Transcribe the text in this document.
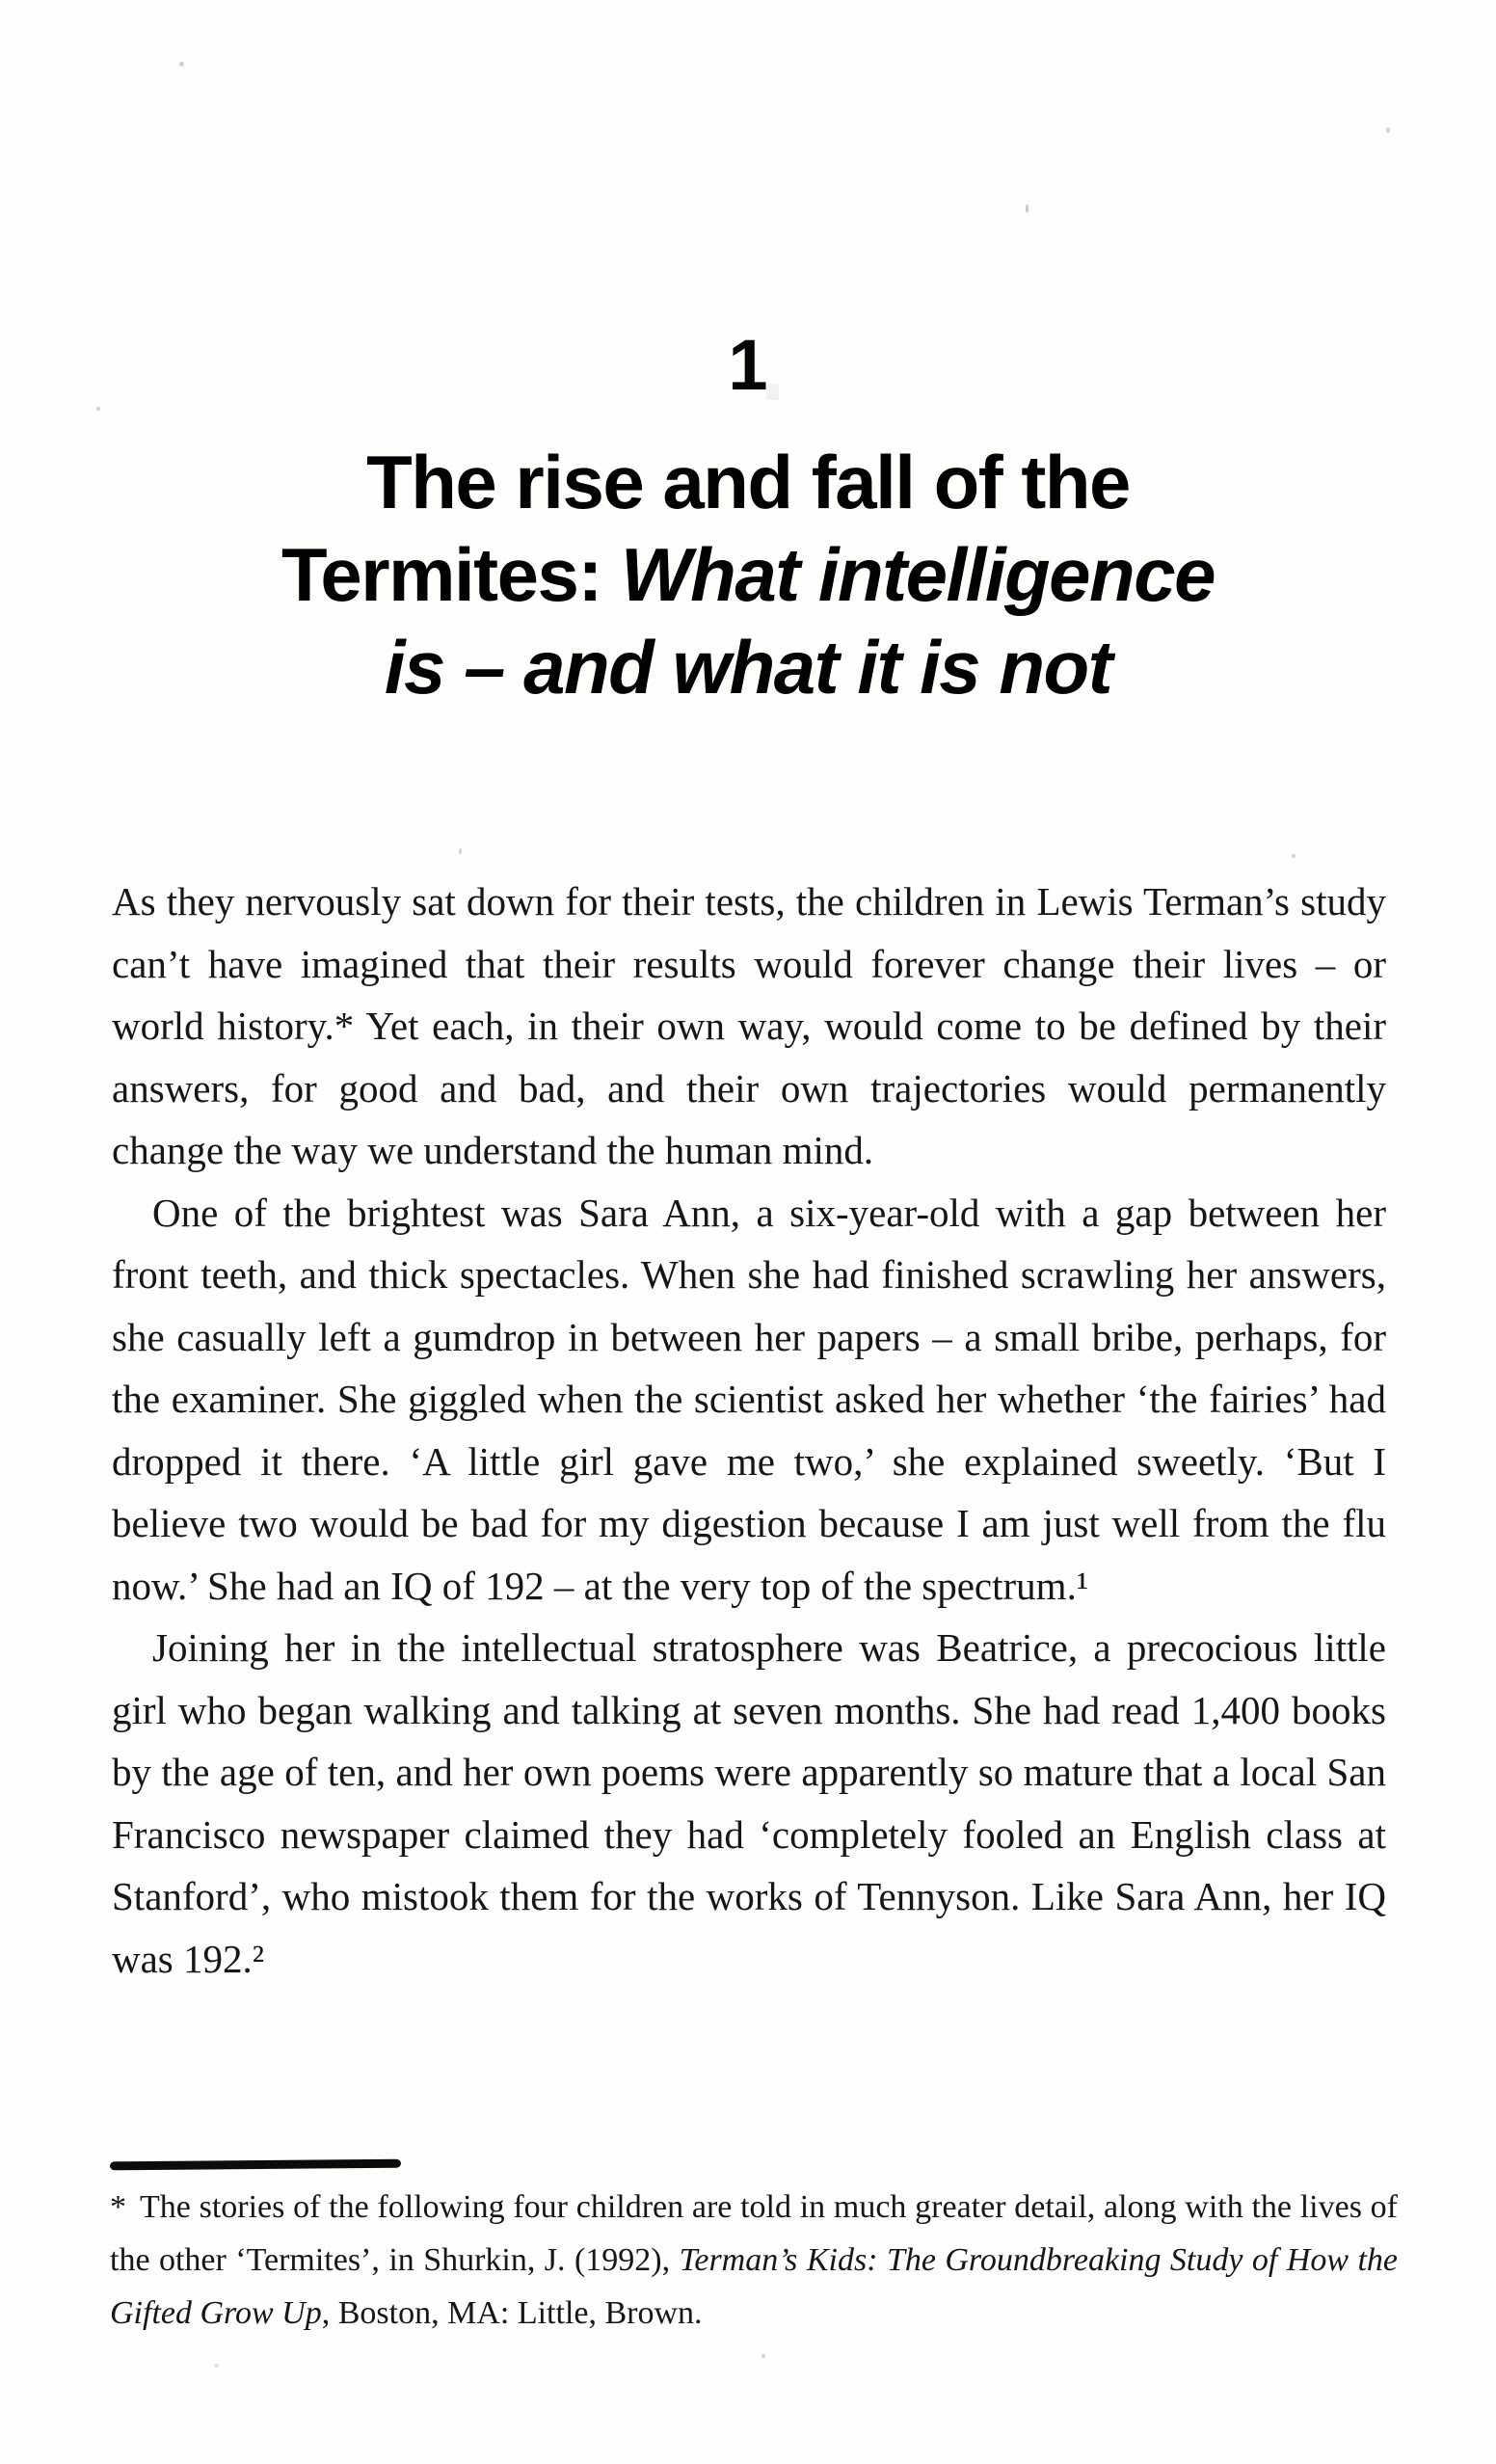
1
The rise and fall of the
Termites: What intelligence
is – and what it is not

As they nervously sat down for their tests, the children in Lewis Terman’s study can’t have imagined that their results would forever change their lives – or world history.* Yet each, in their own way, would come to be defined by their answers, for good and bad, and their own trajectories would permanently change the way we understand the human mind.

One of the brightest was Sara Ann, a six-year-old with a gap between her front teeth, and thick spectacles. When she had finished scrawling her answers, she casually left a gumdrop in between her papers – a small bribe, perhaps, for the examiner. She giggled when the scientist asked her whether ‘the fairies’ had dropped it there. ‘A little girl gave me two,’ she explained sweetly. ‘But I believe two would be bad for my digestion because I am just well from the flu now.’ She had an IQ of 192 – at the very top of the spectrum.¹

Joining her in the intellectual stratosphere was Beatrice, a precocious little girl who began walking and talking at seven months. She had read 1,400 books by the age of ten, and her own poems were apparently so mature that a local San Francisco newspaper claimed they had ‘completely fooled an English class at Stanford’, who mistook them for the works of Tennyson. Like Sara Ann, her IQ was 192.²

* The stories of the following four children are told in much greater detail, along with the lives of the other ‘Termites’, in Shurkin, J. (1992), Terman’s Kids: The Groundbreaking Study of How the Gifted Grow Up, Boston, MA: Little, Brown.
